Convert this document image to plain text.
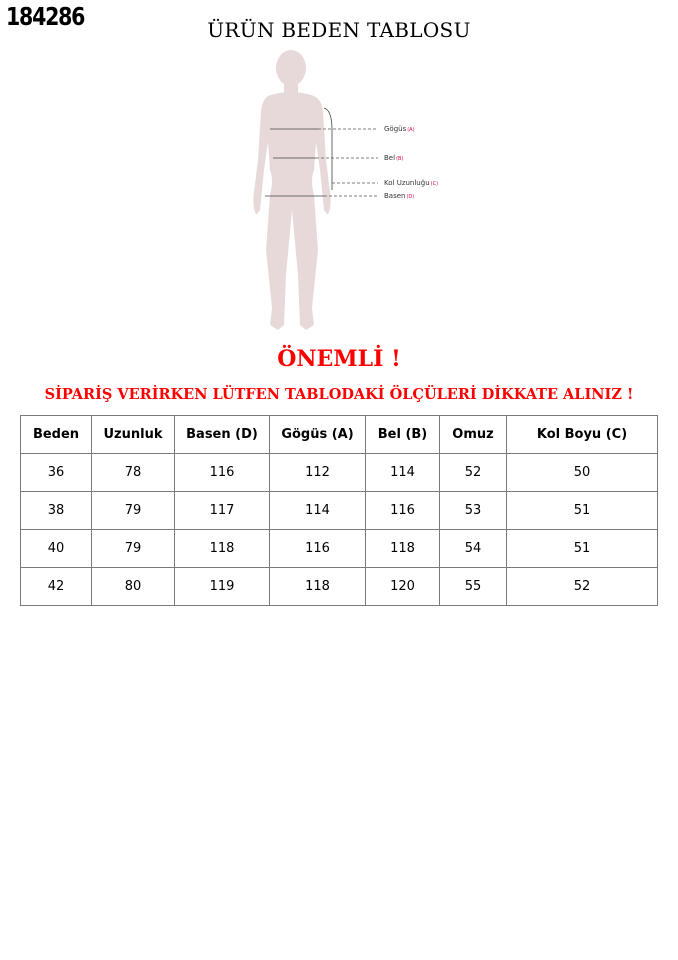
184286	ÜRÜN BEDEN TABLOSU
Gögüs(A)
Bel(B)
Kol Uzunluğu(C)
Basen(D)
ÖNEMLİ !
SİPARİŞ VERİRKEN LÜTFEN TABLODAKİ ÖLÇÜLERİ DİKKATE ALINIZ !
Beden	Uzunluk	Basen (D)	Gögüs (A)	Bel (B)	Omuz	Kol Boyu (C)
36	78	116	112	114	52	50
38	79	117	114	116	53	51
40	79	118	116	118	54	51
42	80	119	118	120	55	52
